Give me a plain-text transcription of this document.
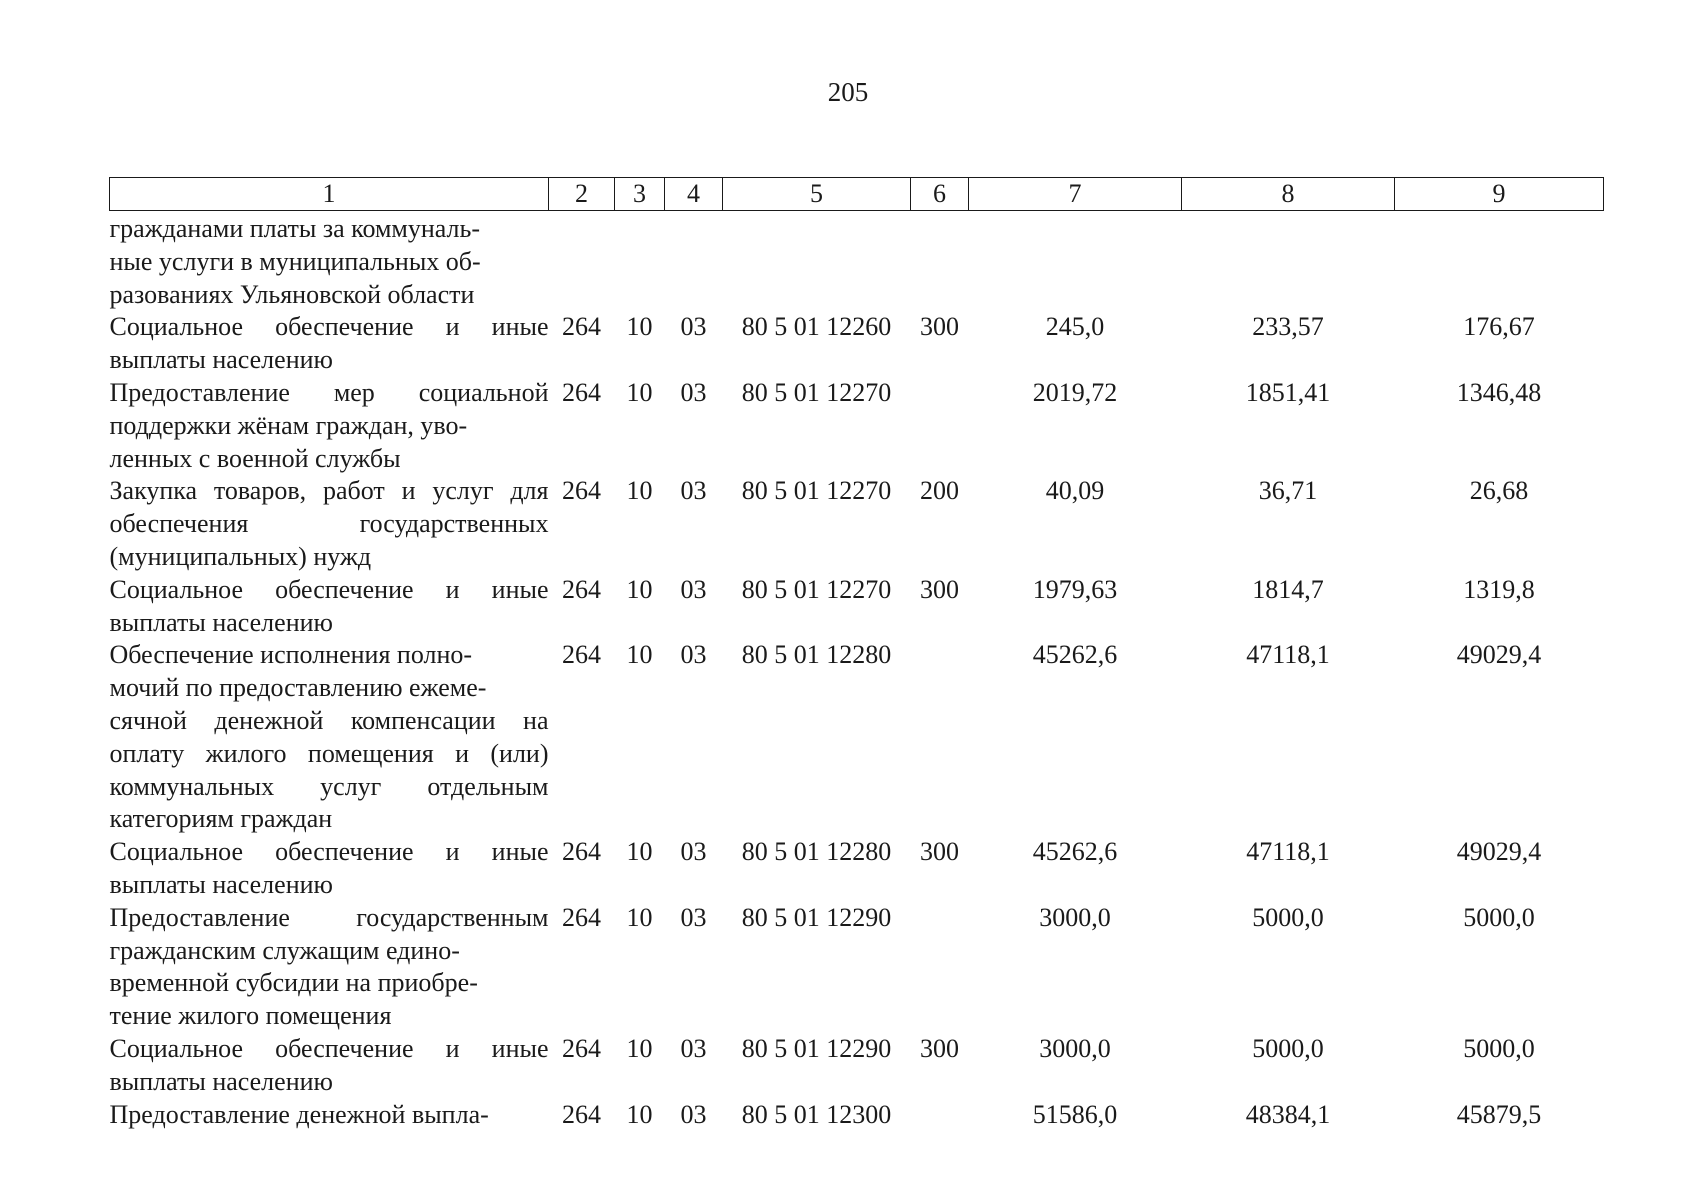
205
1	2	3	4	5	6	7	8	9
гражданами платы за коммуналь-
ные услуги в муниципальных об-
разованиях Ульяновской области								
Социальное обеспечение и иные выплаты населению	264	10	03	80 5 01 12260	300	245,0	233,57	176,67
Предоставление мер социальной поддержки жёнам граждан, уво-
ленных с военной службы	264	10	03	80 5 01 12270		2019,72	1851,41	1346,48
Закупка товаров, работ и услуг для обеспечения государственных (муниципальных) нужд	264	10	03	80 5 01 12270	200	40,09	36,71	26,68
Социальное обеспечение и иные выплаты населению	264	10	03	80 5 01 12270	300	1979,63	1814,7	1319,8
Обеспечение исполнения полно-
мочий по предоставлению ежеме-
сячной денежной компенсации на оплату жилого помещения и (или) коммунальных услуг отдельным категориям граждан	264	10	03	80 5 01 12280		45262,6	47118,1	49029,4
Социальное обеспечение и иные выплаты населению	264	10	03	80 5 01 12280	300	45262,6	47118,1	49029,4
Предоставление государственным гражданским служащим едино-
временной субсидии на приобре-
тение жилого помещения	264	10	03	80 5 01 12290		3000,0	5000,0	5000,0
Социальное обеспечение и иные выплаты населению	264	10	03	80 5 01 12290	300	3000,0	5000,0	5000,0
Предоставление денежной выпла-	264	10	03	80 5 01 12300		51586,0	48384,1	45879,5
